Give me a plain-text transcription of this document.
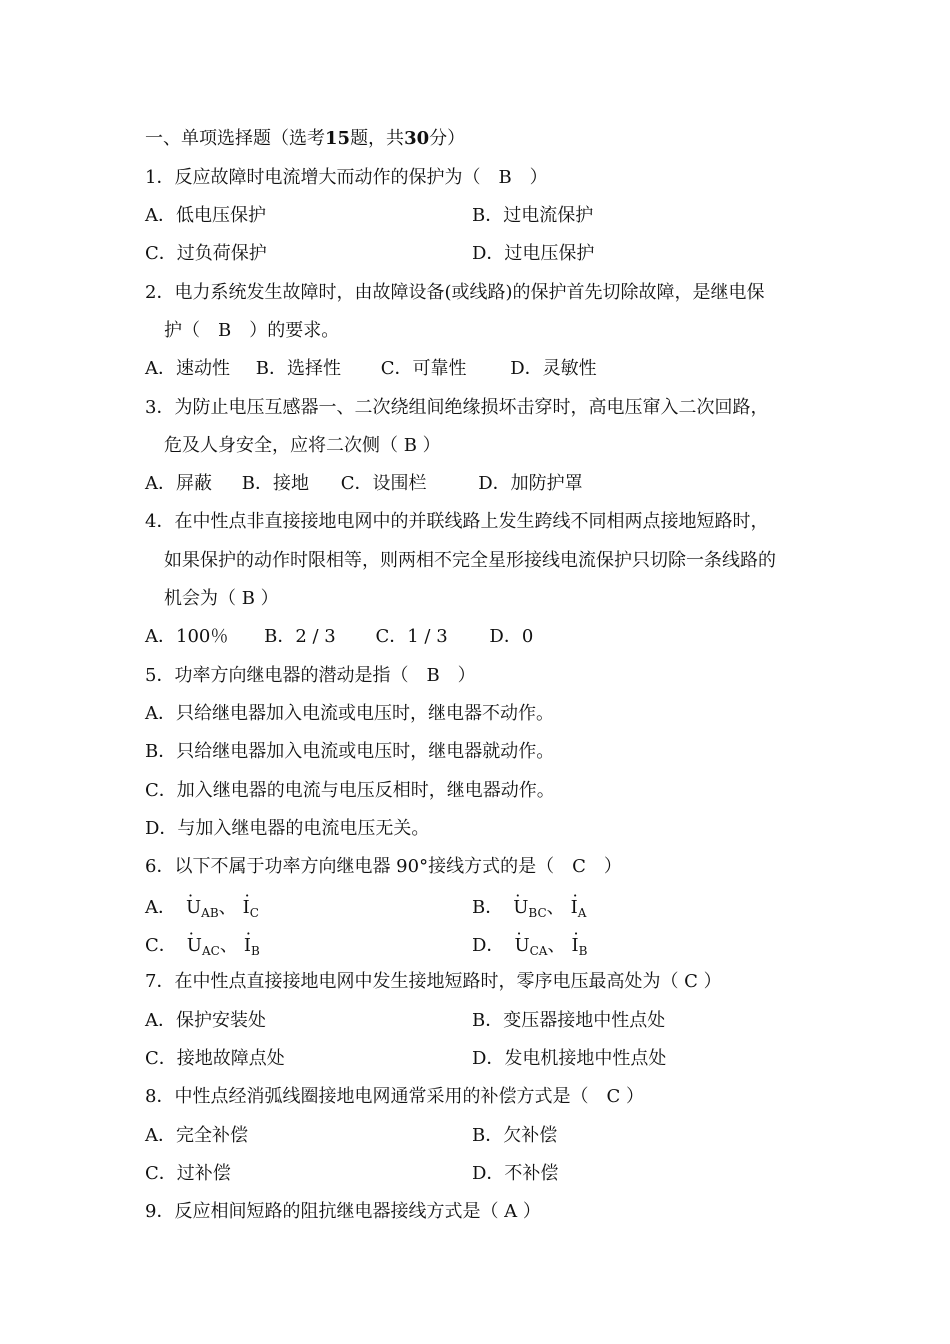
一、单项选择题（选考15题，共30分）
1．反应故障时电流增大而动作的保护为（　B　）
A．低电压保护	B．过电流保护
C．过负荷保护	D．过电压保护
2．电力系统发生故障时，由故障设备(或线路)的保护首先切除故障，是继电保
护（　B　）的要求。
A．速动性 B．选择性 C．可靠性 D．灵敏性
3．为防止电压互感器一、二次绕组间绝缘损坏击穿时，高电压窜入二次回路，
危及人身安全，应将二次侧（ B ）
A．屏蔽 B．接地 C．设围栏	D．加防护罩
4．在中性点非直接接地电网中的并联线路上发生跨线不同相两点接地短路时，
如果保护的动作时限相等，则两相不完全星形接线电流保护只切除一条线路的
机会为（ B ）
A．100％ B．2 / 3 C．1 / 3 D．0
5．功率方向继电器的潜动是指（　B　）
A．只给继电器加入电流或电压时，继电器不动作。
B．只给继电器加入电流或电压时，继电器就动作。
C．加入继电器的电流与电压反相时，继电器动作。
D．与加入继电器的电流电压无关。
6．以下不属于功率方向继电器 90°接线方式的是（　C　）
A． · $U_{AB}$、 · $I_C$	B． · $U_{BC}$、 · $I_A$
C． · $U_{AC}$、 · $I_B$	D． · $U_{CA}$、 · $I_B$
7．在中性点直接接地电网中发生接地短路时，零序电压最高处为（ C ）
A．保护安装处	B．变压器接地中性点处
C．接地故障点处	D．发电机接地中性点处
8．中性点经消弧线圈接地电网通常采用的补偿方式是（　C ）
A．完全补偿	B．欠补偿
C．过补偿	D．不补偿
9．反应相间短路的阻抗继电器接线方式是（ A ）
